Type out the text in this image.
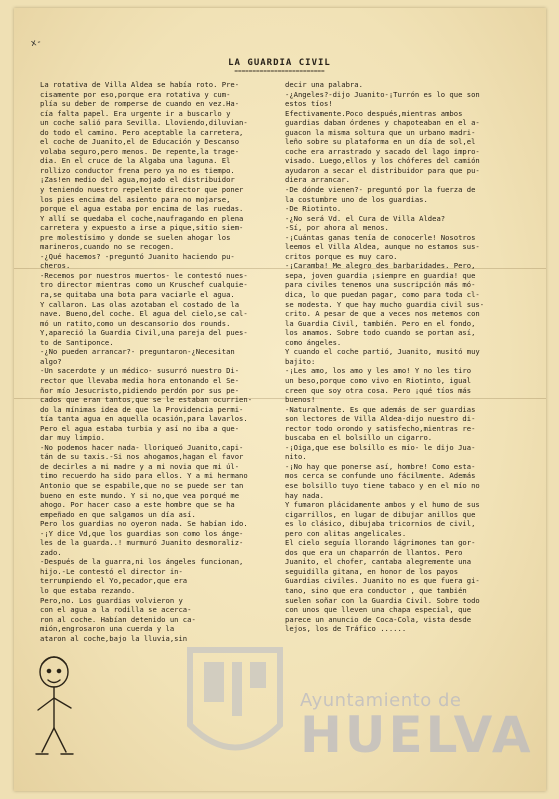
x-
LA GUARDIA CIVIL
=========================

La rotativa de Villa Aldea se había roto. Pre-

cisamente por eso,porque era rotativa y cum-

plía su deber de romperse de cuando en vez.Ha-

cía falta papel. Era urgente ir a buscarlo y

un coche salió para Sevilla. Lloviendo,diluvian-

do todo el camino. Pero aceptable la carretera,

el coche de Juanito,el de Educación y Descanso

volaba seguro,pero menos. De repente,la trage-

dia. En el cruce de la Algaba una laguna. El

rollizo conductor frena pero ya no es tiempo.

¡Zas!en medio del agua,mojado el distribuidor

y teniendo nuestro repelente director que poner

los pies encima del asiento para no mojarse,

porque el agua estaba por encima de las ruedas.

Y allí se quedaba el coche,naufragando en plena

carretera y expuesto a irse a pique,sitio siem-

pre molestísimo y donde se suelen ahogar los

marineros,cuando no se recogen.

-¿Qué hacemos? -preguntó Juanito haciendo pu-

cheros.

-Recemos por nuestros muertos- le contestó nues-

tro director mientras como un Kruschef cualquie-

ra,se quitaba una bota para vaciarle el agua.

Y callaron. Las olas azotaban el costado de la

nave. Bueno,del coche. El agua del cielo,se cal-

mó un ratito,como un descansorio dos rounds.

Y,apareció la Guardia Civil,una pareja del pues-

to de Santiponce.

-¿No pueden arrancar?- preguntaron-¿Necesitan

algo?

-Un sacerdote y un médico- susurró nuestro Di-

rector que llevaba media hora entonando el Se-

ñor mío Jesucristo,pidiendo perdón por sus pe-

cados que eran tantos,que se le estaban ocurrien-

do la mínimas idea de que la Providencia permi-

tía tanta agua en aquella ocasión,para lavarlos.

Pero el agua estaba turbia y así no iba a que-

dar muy limpio.

-No podemos hacer nada- lloriqueó Juanito,capi-

tán de su taxis.-Si nos ahogamos,hagan el favor

de decirles a mi madre y a mi novia que mi úl-

timo recuerdo ha sido para ellos. Y a mi hermano

Antonio que se espabile,que no se puede ser tan

bueno en este mundo. Y si no,que vea porqué me

ahogo. Por hacer caso a este hombre que se ha

empeñado en que salgamos un día así.

Pero los guardias no oyeron nada. Se habían ido.

-¡Y dice Vd,que los guardias son como los ánge-

les de la guarda..! murmuró Juanito desmoraliz-

zado.

-Después de la guarra,ni los ángeles funcionan,

hijo.-Le contestó el director in-

terrumpiendo el Yo,pecador,que era

lo que estaba rezando.

Pero,no. Los guardias volvieron y

con el agua a la rodilla se acerca-

ron al coche. Habían detenido un ca-

mión,engrosaron una cuerda y la

ataron al coche,bajo la lluvia,sin

decir una palabra.

-¿Angeles?-dijo Juanito-¡Turrón es lo que son

estos tíos!

Efectivamente.Poco después,mientras ambos

guardias daban órdenes y chapoteaban en el a-

guacon la misma soltura que un urbano madri-

leño sobre su plataforma en un día de sol,el

coche era arrastrado y sacado del lago impro-

visado. Luego,ellos y los chóferes del camión

ayudaron a secar el distribuidor para que pu-

diera arrancar.

-De dónde vienen?- preguntó por la fuerza de

la costumbre uno de los guardias.

-De Riotinto.

-¿No será Vd. el Cura de Villa Aldea?

-Sí, por ahora al menos.

-¡Cuántas ganas tenía de conocerle! Nosotros

leemos el Villa Aldea, aunque no estamos sus-

critos porque es muy caro.

-¡Caramba! Me alegro des barbaridades. Pero,

sepa, joven guardia ¡siempre en guardia! que

para civiles tenemos una suscripción más mó-

dica, lo que puedan pagar, como para toda cl-

se modesta. Y que hay mucho guardia civil sus-

crito. A pesar de que a veces nos metemos con

la Guardia Civil, también. Pero en el fondo,

los amamos. Sobre todo cuando se portan así,

como ángeles.

Y cuando el coche partió, Juanito, musitó muy

bajito:

-¡Les amo, los amo y les amo! Y no les tiro

un beso,porque como vivo en Riotinto, igual

creen que soy otra cosa. Pero ¡qué tíos más

buenos!

-Naturalmente. Es que además de ser guardias

son lectores de Villa Aldea-dijo nuestro di-

rector todo orondo y satisfecho,mientras re-

buscaba en el bolsillo un cigarro.

-¡Oiga,que ese bolsillo es mío- le dijo Jua-

nito.

-¡No hay que ponerse así, hombre! Como esta-

mos cerca se confunde uno fácilmente. Además

ese bolsillo tuyo tiene tabaco y en el mío no

hay nada.

Y fumaron plácidamente ambos y el humo de sus

cigarrillos, en lugar de dibujar anillos que

es lo clásico, dibujaba tricornios de civil,

pero con alitas angelicales.

El cielo seguía llorando lágrimones tan gor-

dos que era un chaparrón de llantos. Pero

Juanito, el chofer, cantaba alegremente una

seguidilla gitana, en honor de los payos

Guardias civiles. Juanito no es que fuera gi-

tano, sino que era conductor , que también

suelen soñar con la Guardia Civil. Sobre todo

con unos que lleven una chapa especial, que

parece un anuncio de Coca-Cola, vista desde

lejos, los de Tráfico ......

Ayuntamiento de
HUELVA
